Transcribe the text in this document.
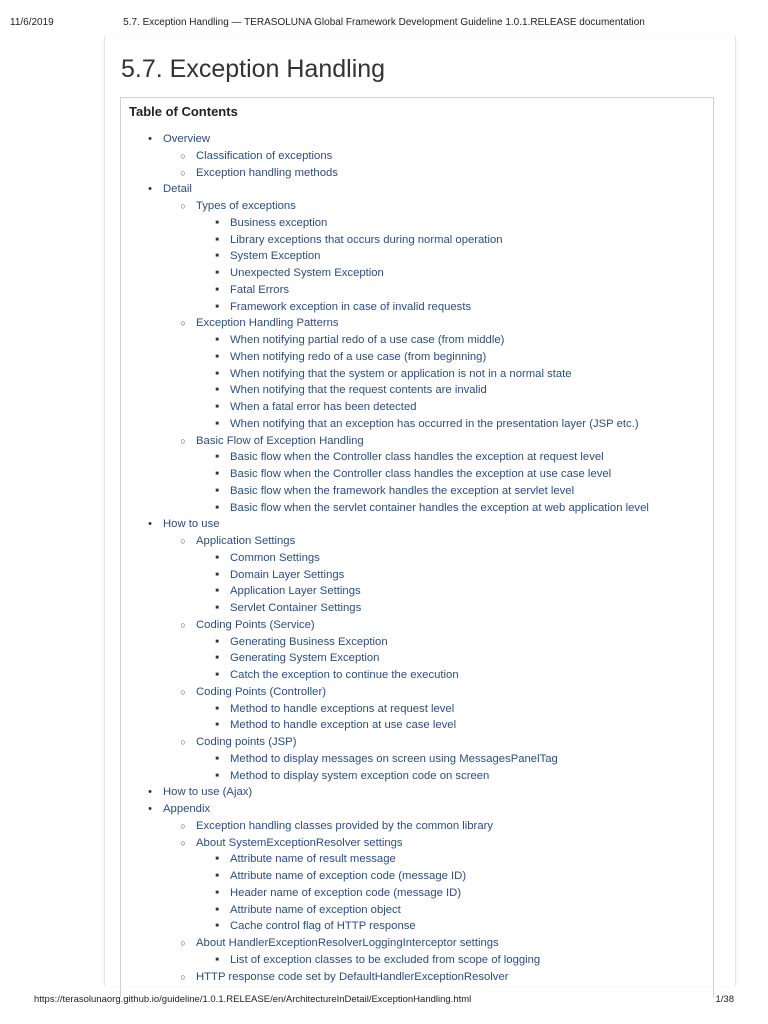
11/6/2019	5.7. Exception Handling — TERASOLUNA Global Framework Development Guideline 1.0.1.RELEASE documentation
5.7. Exception Handling
Table of Contents
• Overview
○ Classification of exceptions
○ Exception handling methods
• Detail
○ Types of exceptions
■ Business exception
■ Library exceptions that occurs during normal operation
■ System Exception
■ Unexpected System Exception
■ Fatal Errors
■ Framework exception in case of invalid requests
○ Exception Handling Patterns
■ When notifying partial redo of a use case (from middle)
■ When notifying redo of a use case (from beginning)
■ When notifying that the system or application is not in a normal state
■ When notifying that the request contents are invalid
■ When a fatal error has been detected
■ When notifying that an exception has occurred in the presentation layer (JSP etc.)
○ Basic Flow of Exception Handling
■ Basic flow when the Controller class handles the exception at request level
■ Basic flow when the Controller class handles the exception at use case level
■ Basic flow when the framework handles the exception at servlet level
■ Basic flow when the servlet container handles the exception at web application level
• How to use
○ Application Settings
■ Common Settings
■ Domain Layer Settings
■ Application Layer Settings
■ Servlet Container Settings
○ Coding Points (Service)
■ Generating Business Exception
■ Generating System Exception
■ Catch the exception to continue the execution
○ Coding Points (Controller)
■ Method to handle exceptions at request level
■ Method to handle exception at use case level
○ Coding points (JSP)
■ Method to display messages on screen using MessagesPanelTag
■ Method to display system exception code on screen
• How to use (Ajax)
• Appendix
○ Exception handling classes provided by the common library
○ About SystemExceptionResolver settings
■ Attribute name of result message
■ Attribute name of exception code (message ID)
■ Header name of exception code (message ID)
■ Attribute name of exception object
■ Cache control flag of HTTP response
○ About HandlerExceptionResolverLoggingInterceptor settings
■ List of exception classes to be excluded from scope of logging
○ HTTP response code set by DefaultHandlerExceptionResolver
https://terasolunaorg.github.io/guideline/1.0.1.RELEASE/en/ArchitectureInDetail/ExceptionHandling.html	1/38
